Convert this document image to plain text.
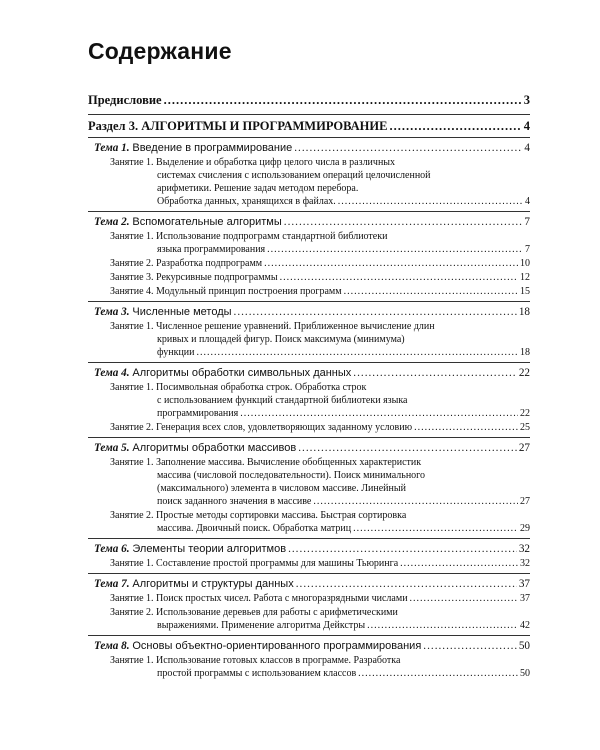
Содержание
Предисловие .....	3
Раздел 3. АЛГОРИТМЫ И ПРОГРАММИРОВАНИЕ .....	4
Тема 1. Введение в программирование .....	4
Занятие 1. Выделение и обработка цифр целого числа в различных
системах счисления с использованием операций целочисленной
арифметики. Решение задач методом перебора.
Обработка данных, хранящихся в файлах. .....	4
Тема 2. Вспомогательные алгоритмы .....	7
Занятие 1. Использование подпрограмм стандартной библиотеки
языка программирования .....	7
Занятие 2. Разработка подпрограмм .....	10
Занятие 3. Рекурсивные подпрограммы .....	12
Занятие 4. Модульный принцип построения программ .....	15
Тема 3. Численные методы .....	18
Занятие 1. Численное решение уравнений. Приближенное вычисление длин
кривых и площадей фигур. Поиск максимума (минимума)
функции .....	18
Тема 4. Алгоритмы обработки символьных данных .....	22
Занятие 1. Посимвольная обработка строк. Обработка строк
с использованием функций стандартной библиотеки языка
программирования .....	22
Занятие 2. Генерация всех слов, удовлетворяющих заданному условию .....	25
Тема 5. Алгоритмы обработки массивов .....	27
Занятие 1. Заполнение массива. Вычисление обобщенных характеристик
массива (числовой последовательности). Поиск минимального
(максимального) элемента в числовом массиве. Линейный
поиск заданного значения в массиве .....	27
Занятие 2. Простые методы сортировки массива. Быстрая сортировка
массива. Двоичный поиск. Обработка матриц .....	29
Тема 6. Элементы теории алгоритмов .....	32
Занятие 1. Составление простой программы для машины Тьюринга .....	32
Тема 7. Алгоритмы и структуры данных .....	37
Занятие 1. Поиск простых чисел. Работа с многоразрядными числами .....	37
Занятие 2. Использование деревьев для работы с арифметическими
выражениями. Применение алгоритма Дейкстры .....	42
Тема 8. Основы объектно-ориентированного программирования .....	50
Занятие 1. Использование готовых классов в программе. Разработка
простой программы с использованием классов .....	50
